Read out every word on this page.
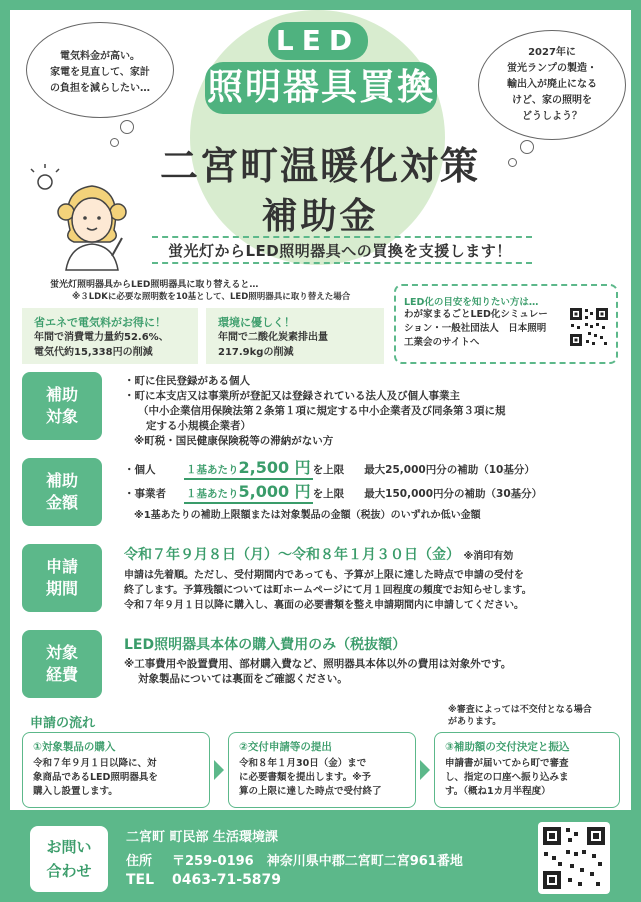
LED
照明器具買換
二宮町温暖化対策
補助金
電気料金が高い。
家電を見直して、家計
の負担を減らしたい…
2027年に
蛍光ランプの製造・
輸出入が廃止になる
けど、家の照明を
どうしよう？
蛍光灯からLED照明器具への買換を支援します！
蛍光灯照明器具からLED照明器具に取り替えると…
※３LDKに必要な照明数を10基として、LED照明器具に取り替えた場合
省エネで電気料がお得に！
年間で消費電力量約52.6%、
電気代約15,338円の削減
環境に優しく！
年間で二酸化炭素排出量
217.9kgの削減
LED化の目安を知りたい方は…
わが家まるごとLED化シミュレー
ション・一般社団法人　日本照明
工業会のサイトへ
補助
対象
・町に住民登録がある個人
・町に本支店又は事業所が登記又は登録されている法人及び個人事業主
（中小企業信用保険法第２条第１項に規定する中小企業者及び同条第３項に規
定する小規模企業者）
※町税・国民健康保険税等の滞納がない方
補助
金額
・個人	１基あたり2,500 円 を上限 最大25,000円分の補助（10基分）
・事業者	１基あたり5,000 円 を上限 最大150,000円分の補助（30基分）
※1基あたりの補助上限額または対象製品の金額（税抜）のいずれか低い金額
申請
期間
令和７年９月８日（月）～令和８年１月３０日（金） ※消印有効
申請は先着順。ただし、受付期間内であっても、予算が上限に達した時点で申請の受付を
終了します。予算残額については町ホームページにて月１回程度の頻度でお知らせします。
令和７年９月１日以降に購入し、裏面の必要書類を整え申請期間内に申請してください。
対象
経費
LED照明器具本体の購入費用のみ（税抜額）
※工事費用や設置費用、部材購入費など、照明器具本体以外の費用は対象外です。
対象製品については裏面をご確認ください。
申請の流れ
※審査によっては不交付となる場合
があります。
①対象製品の購入
令和７年９月１日以降に、対
象商品であるLED照明器具を
購入し設置します。
②交付申請等の提出
令和８年１月30日（金）まで
に必要書類を提出します。※予
算の上限に達した時点で受付終了
③補助額の交付決定と振込
申請書が届いてから町で審査
し、指定の口座へ振り込みま
す。（概ね1カ月半程度）
お問い
合わせ
二宮町 町民部 生活環境課
住所 〒259-0196　神奈川県中郡二宮町二宮961番地
TEL 0463-71-5879
